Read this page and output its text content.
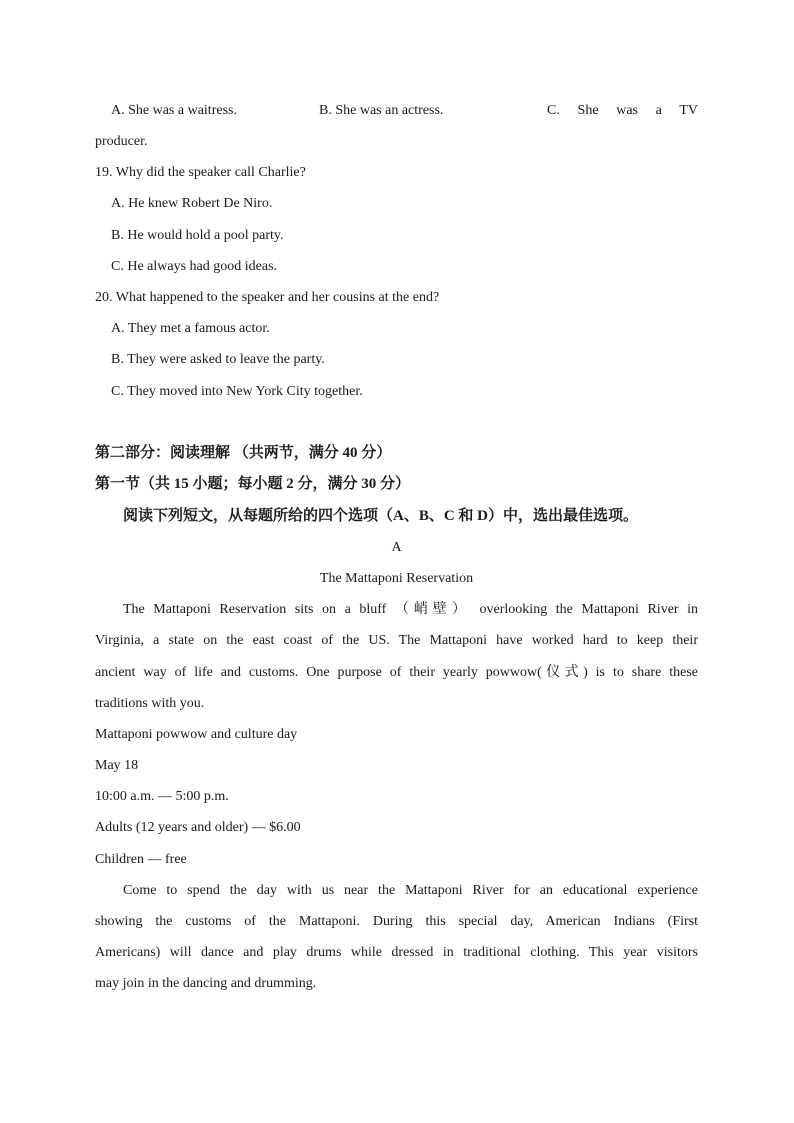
A. She was a waitress.	B. She was an actress.	C. She was a TV
producer.
19. Why did the speaker call Charlie?
A. He knew Robert De Niro.
B. He would hold a pool party.
C. He always had good ideas.
20. What happened to the speaker and her cousins at the end?
A. They met a famous actor.
B. They were asked to leave the party.
C. They moved into New York City together.
第二部分：阅读理解 （共两节，满分 40 分）
第一节（共 15 小题；每小题 2 分，满分 30 分）
阅读下列短文，从每题所给的四个选项（A、B、C 和 D）中，选出最佳选项。
A
The Mattaponi Reservation
The Mattaponi Reservation sits on a bluff （峭壁） overlooking the Mattaponi River in
Virginia, a state on the east coast of the US. The Mattaponi have worked hard to keep their
ancient way of life and customs. One purpose of their yearly powwow(仪式) is to share these
traditions with you.
Mattaponi powwow and culture day
May 18
10:00 a.m. — 5:00 p.m.
Adults (12 years and older) — $6.00
Children — free
Come to spend the day with us near the Mattaponi River for an educational experience
showing the customs of the Mattaponi. During this special day, American Indians (First
Americans) will dance and play drums while dressed in traditional clothing. This year visitors
may join in the dancing and drumming.
